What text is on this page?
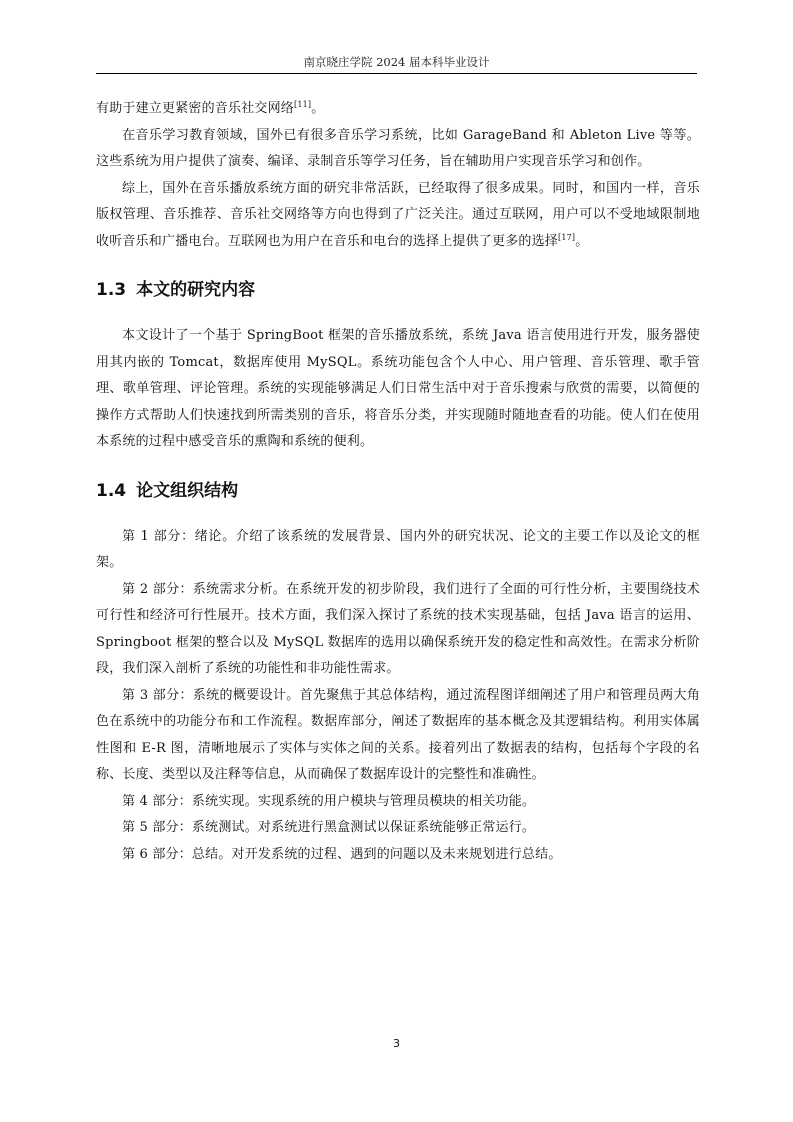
南京晓庄学院 2024 届本科毕业设计

有助于建立更紧密的音乐社交网络[11]。

在音乐学习教育领域，国外已有很多音乐学习系统，比如 GarageBand 和 Ableton Live 等等。这些系统为用户提供了演奏、编译、录制音乐等学习任务，旨在辅助用户实现音乐学习和创作。

综上，国外在音乐播放系统方面的研究非常活跃，已经取得了很多成果。同时，和国内一样，音乐版权管理、音乐推荐、音乐社交网络等方向也得到了广泛关注。通过互联网，用户可以不受地域限制地收听音乐和广播电台。互联网也为用户在音乐和电台的选择上提供了更多的选择[17]。

1.3 本文的研究内容

本文设计了一个基于 SpringBoot 框架的音乐播放系统，系统 Java 语言使用进行开发，服务器使用其内嵌的 Tomcat，数据库使用 MySQL。系统功能包含个人中心、用户管理、音乐管理、歌手管理、歌单管理、评论管理。系统的实现能够满足人们日常生活中对于音乐搜索与欣赏的需要，以简便的操作方式帮助人们快速找到所需类别的音乐，将音乐分类，并实现随时随地查看的功能。使人们在使用本系统的过程中感受音乐的熏陶和系统的便利。

1.4 论文组织结构

第 1 部分：绪论。介绍了该系统的发展背景、国内外的研究状况、论文的主要工作以及论文的框架。

第 2 部分：系统需求分析。在系统开发的初步阶段，我们进行了全面的可行性分析，主要围绕技术可行性和经济可行性展开。技术方面，我们深入探讨了系统的技术实现基础，包括 Java 语言的运用、Springboot 框架的整合以及 MySQL 数据库的选用以确保系统开发的稳定性和高效性。在需求分析阶段，我们深入剖析了系统的功能性和非功能性需求。

第 3 部分：系统的概要设计。首先聚焦于其总体结构，通过流程图详细阐述了用户和管理员两大角色在系统中的功能分布和工作流程。数据库部分，阐述了数据库的基本概念及其逻辑结构。利用实体属性图和 E-R 图，清晰地展示了实体与实体之间的关系。接着列出了数据表的结构，包括每个字段的名称、长度、类型以及注释等信息，从而确保了数据库设计的完整性和准确性。

第 4 部分：系统实现。实现系统的用户模块与管理员模块的相关功能。

第 5 部分：系统测试。对系统进行黑盒测试以保证系统能够正常运行。

第 6 部分：总结。对开发系统的过程、遇到的问题以及未来规划进行总结。

3
